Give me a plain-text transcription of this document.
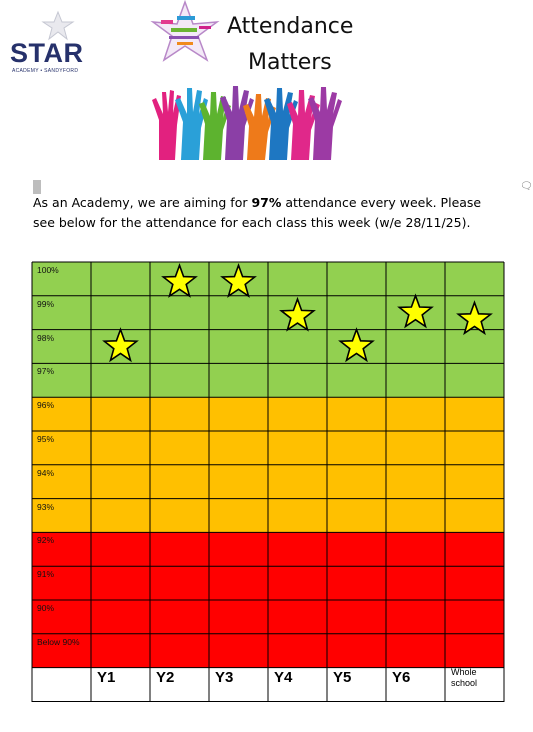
STAR
ACADEMY • SANDYFORD
Attendance
Matters
🗨
As an Academy, we are aiming for 97% attendance every week. Please see below for the attendance for each class this week (w/e 28/11/25).
100%
99%
98%
97%
96%
95%
94%
93%
92%
91%
90%
Below 90%
Y1	Y2	Y3	Y4	Y5	Y6	Whole school
